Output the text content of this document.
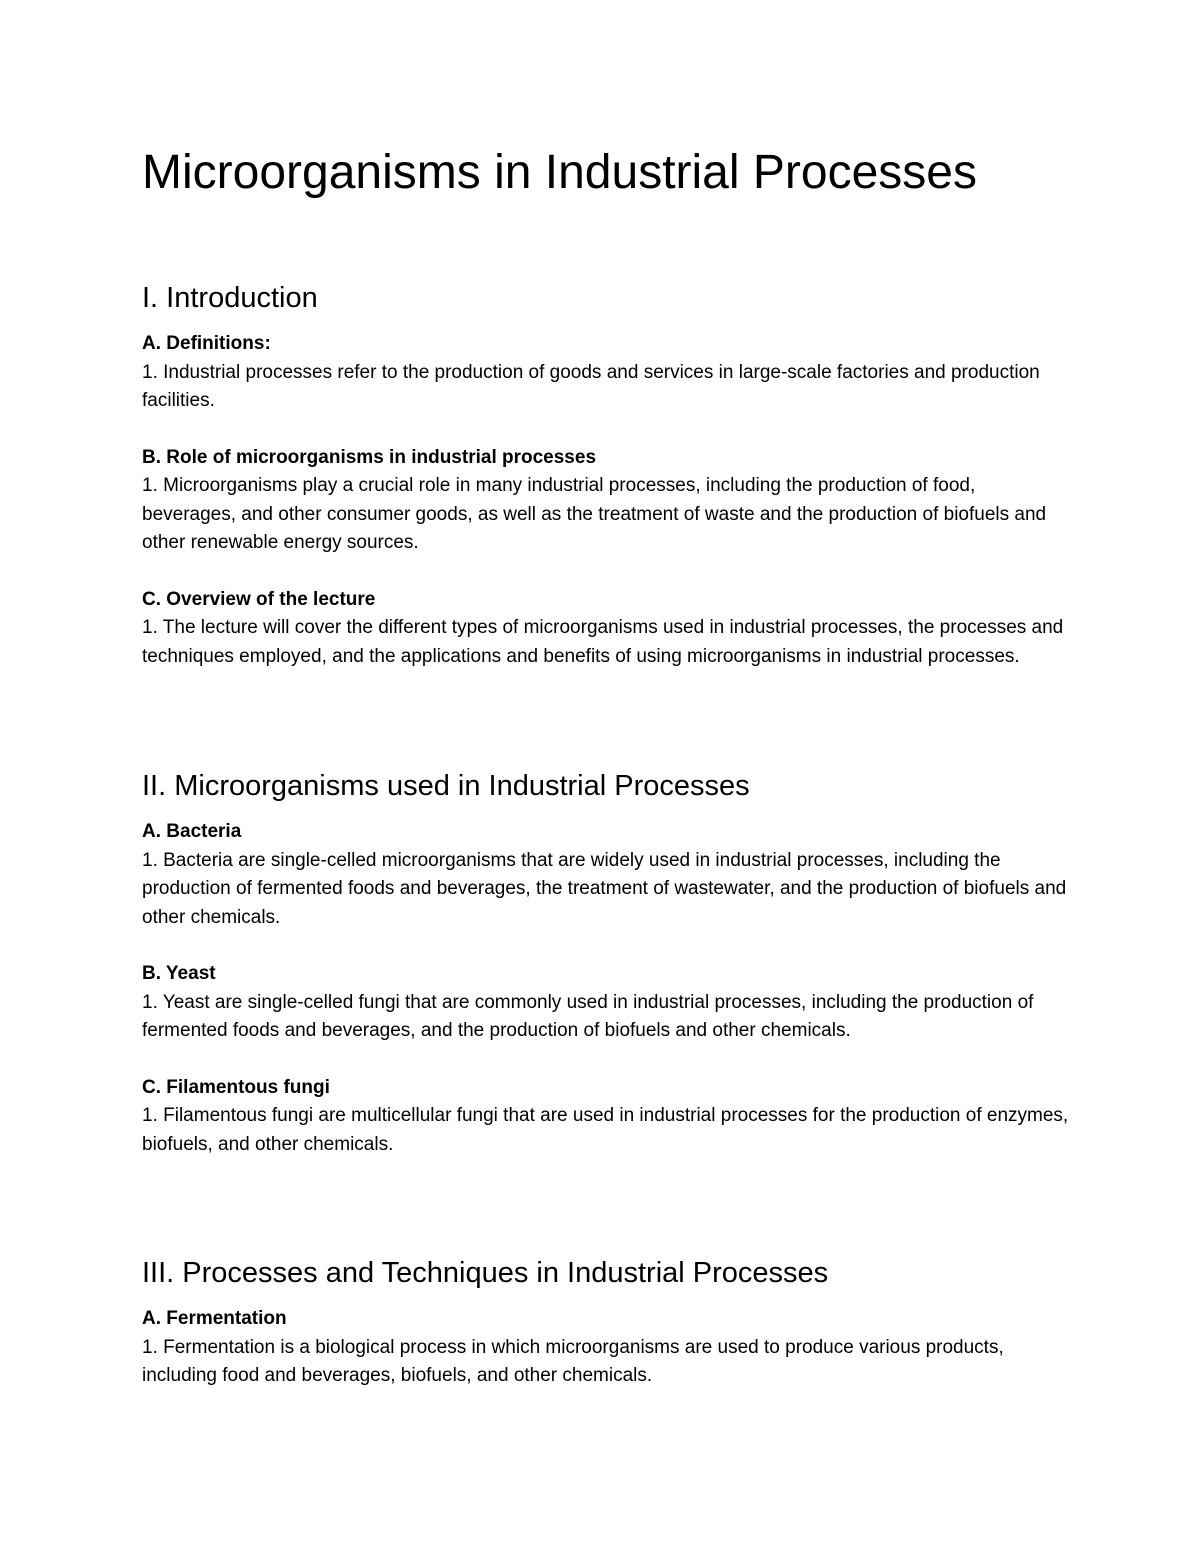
Microorganisms in Industrial Processes
I. Introduction

A. Definitions:

1. Industrial processes refer to the production of goods and services in large-scale factories and production facilities.

B. Role of microorganisms in industrial processes

1. Microorganisms play a crucial role in many industrial processes, including the production of food, beverages, and other consumer goods, as well as the treatment of waste and the production of biofuels and other renewable energy sources.

C. Overview of the lecture

1. The lecture will cover the different types of microorganisms used in industrial processes, the processes and techniques employed, and the applications and benefits of using microorganisms in industrial processes.

II. Microorganisms used in Industrial Processes

A. Bacteria

1. Bacteria are single-celled microorganisms that are widely used in industrial processes, including the production of fermented foods and beverages, the treatment of wastewater, and the production of biofuels and other chemicals.

B. Yeast

1. Yeast are single-celled fungi that are commonly used in industrial processes, including the production of fermented foods and beverages, and the production of biofuels and other chemicals.

C. Filamentous fungi

1. Filamentous fungi are multicellular fungi that are used in industrial processes for the production of enzymes, biofuels, and other chemicals.

III. Processes and Techniques in Industrial Processes

A. Fermentation

1. Fermentation is a biological process in which microorganisms are used to produce various products, including food and beverages, biofuels, and other chemicals.
